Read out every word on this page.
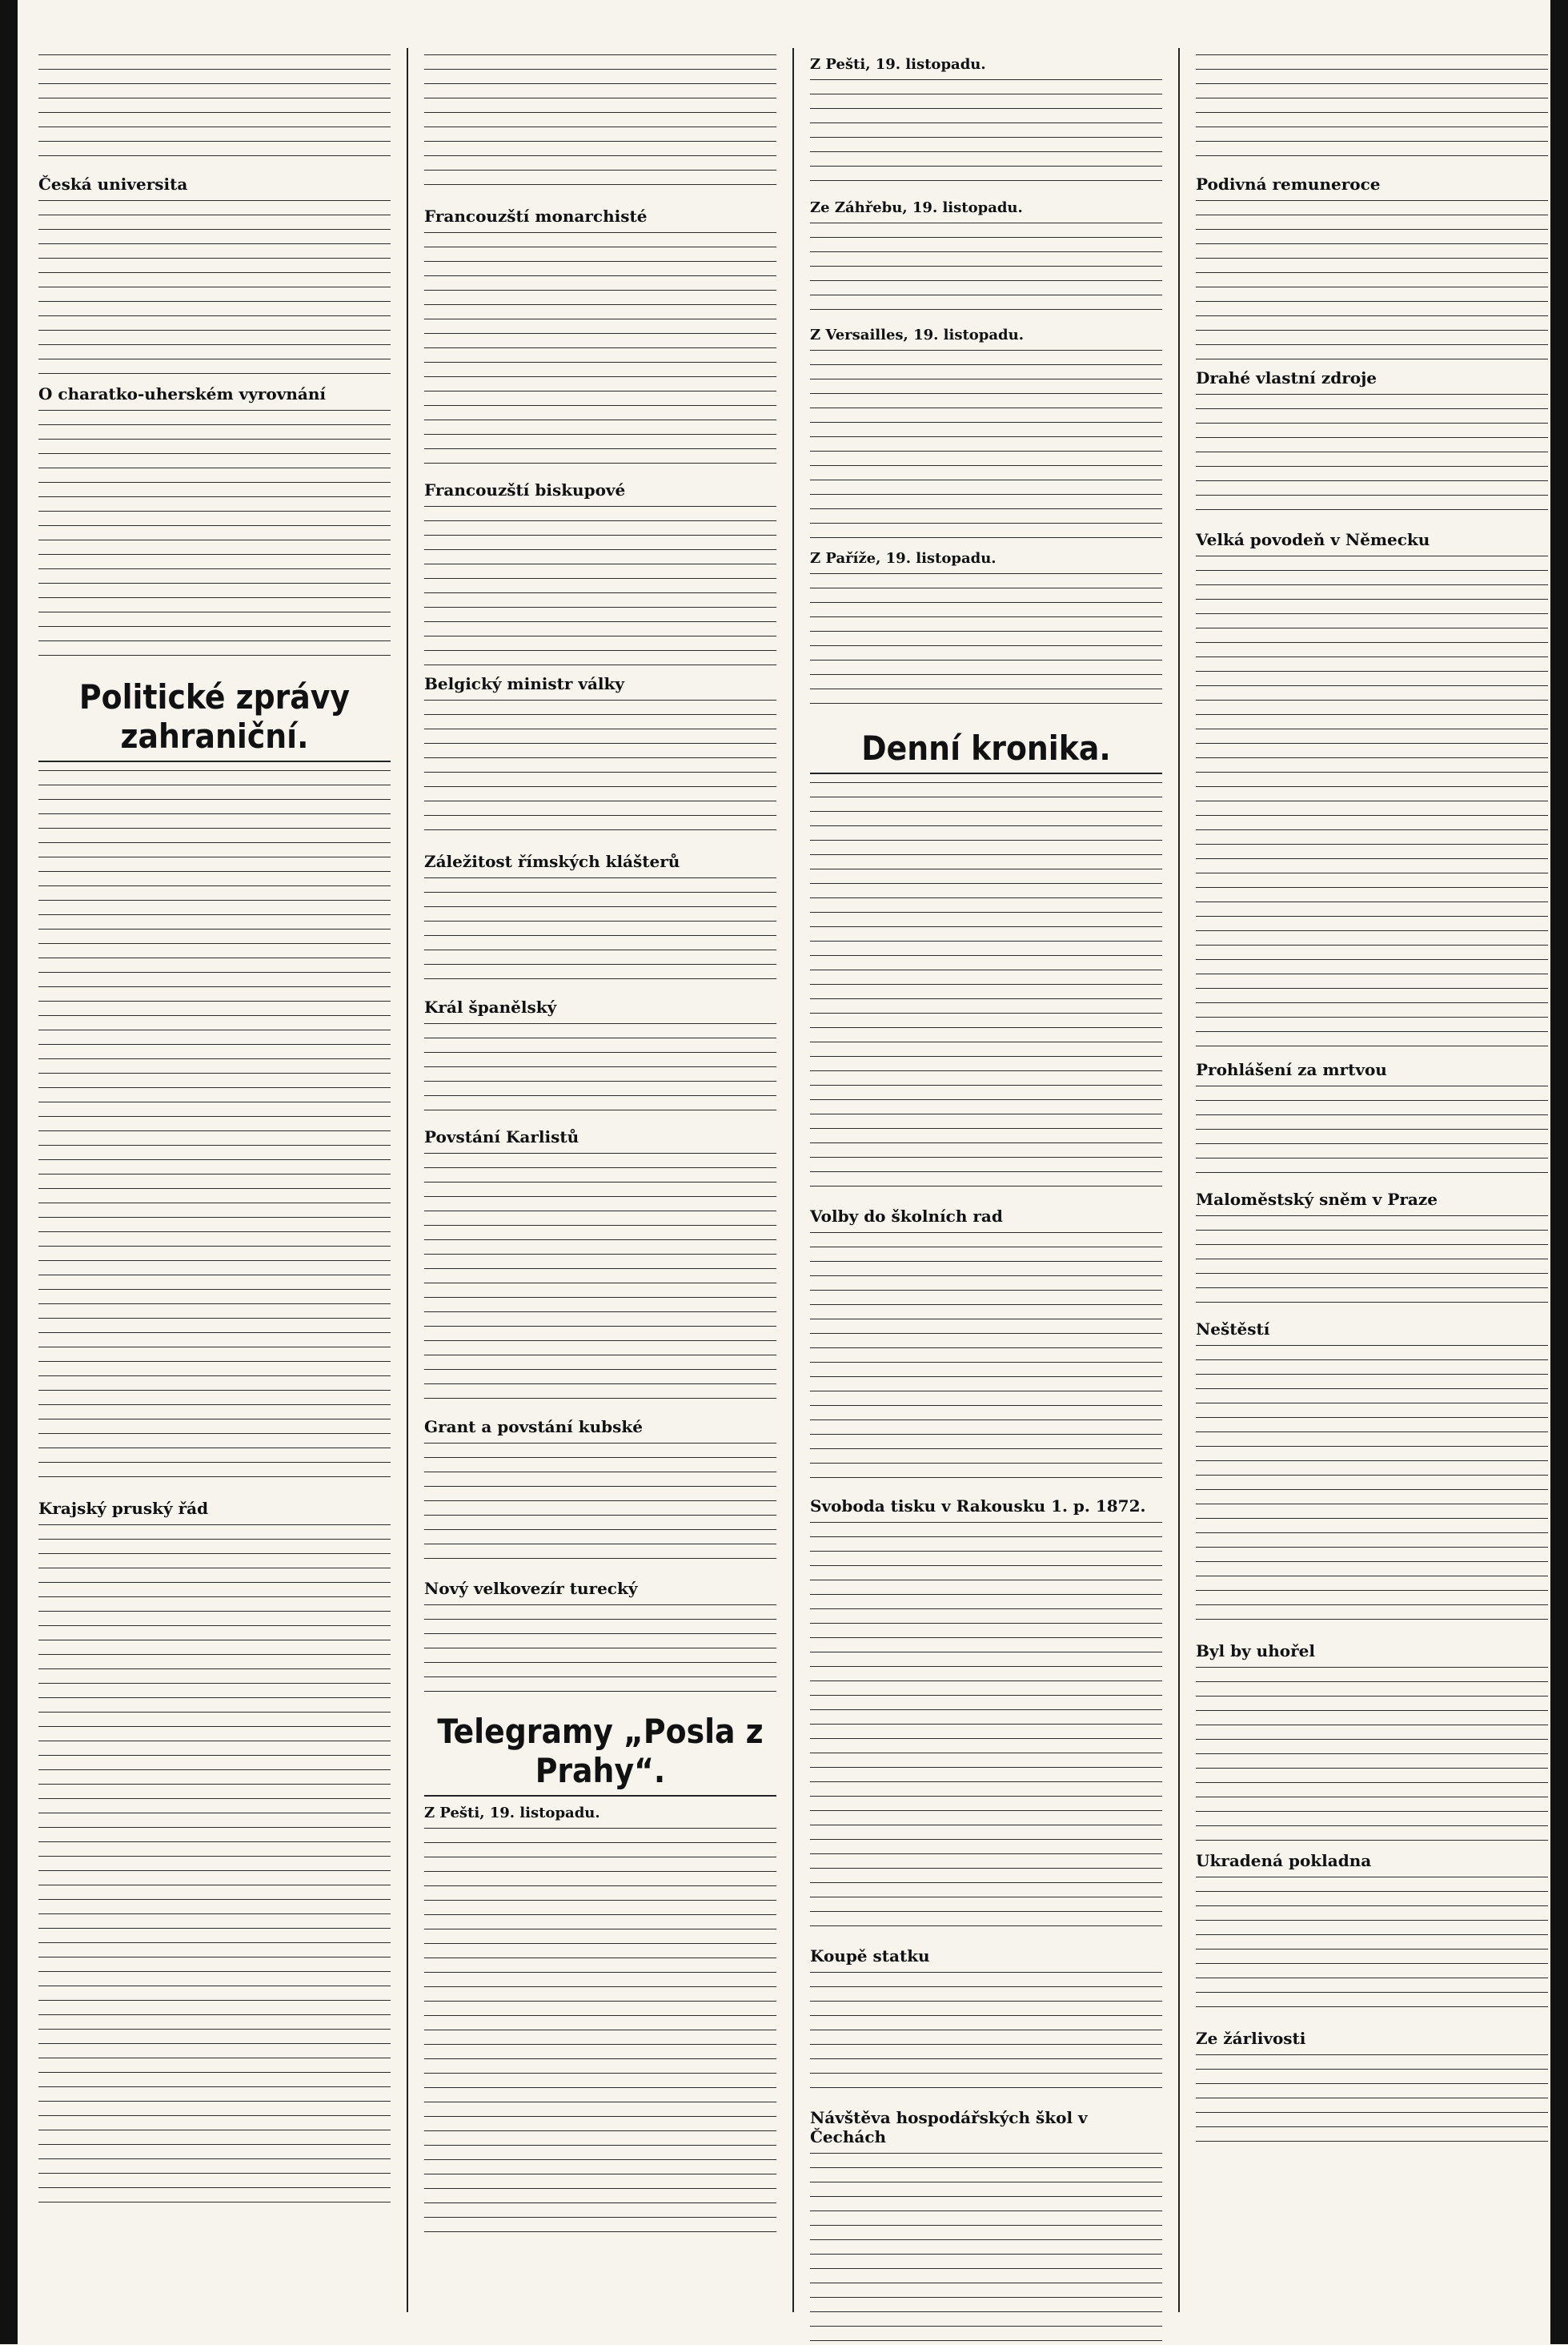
Česká universita
O charatko-uherském vyrovnání
Politické zprávy zahraniční.
Krajský pruský řád
Francouzští monarchisté
Francouzští biskupové
Belgický ministr války
Záležitost římských klášterů
Král španělský
Povstání Karlistů
Grant a povstání kubské
Nový velkovezír turecký
Telegramy „Posla z Prahy“.
Z Pešti, 19. listopadu.
Z Pešti, 19. listopadu.
Ze Záhřebu, 19. listopadu.
Z Versailles, 19. listopadu.
Z Paříže, 19. listopadu.
Denní kronika.
Volby do školních rad
Svoboda tisku v Rakousku 1. p. 1872.
Koupě statku
Návštěva hospodářských škol v Čechách
Podivná remuneroce
Drahé vlastní zdroje
Velká povodeň v Německu
Prohlášení za mrtvou
Maloměstský sněm v Praze
Neštěstí
Byl by uhořel
Ukradená pokladna
Ze žárlivosti
